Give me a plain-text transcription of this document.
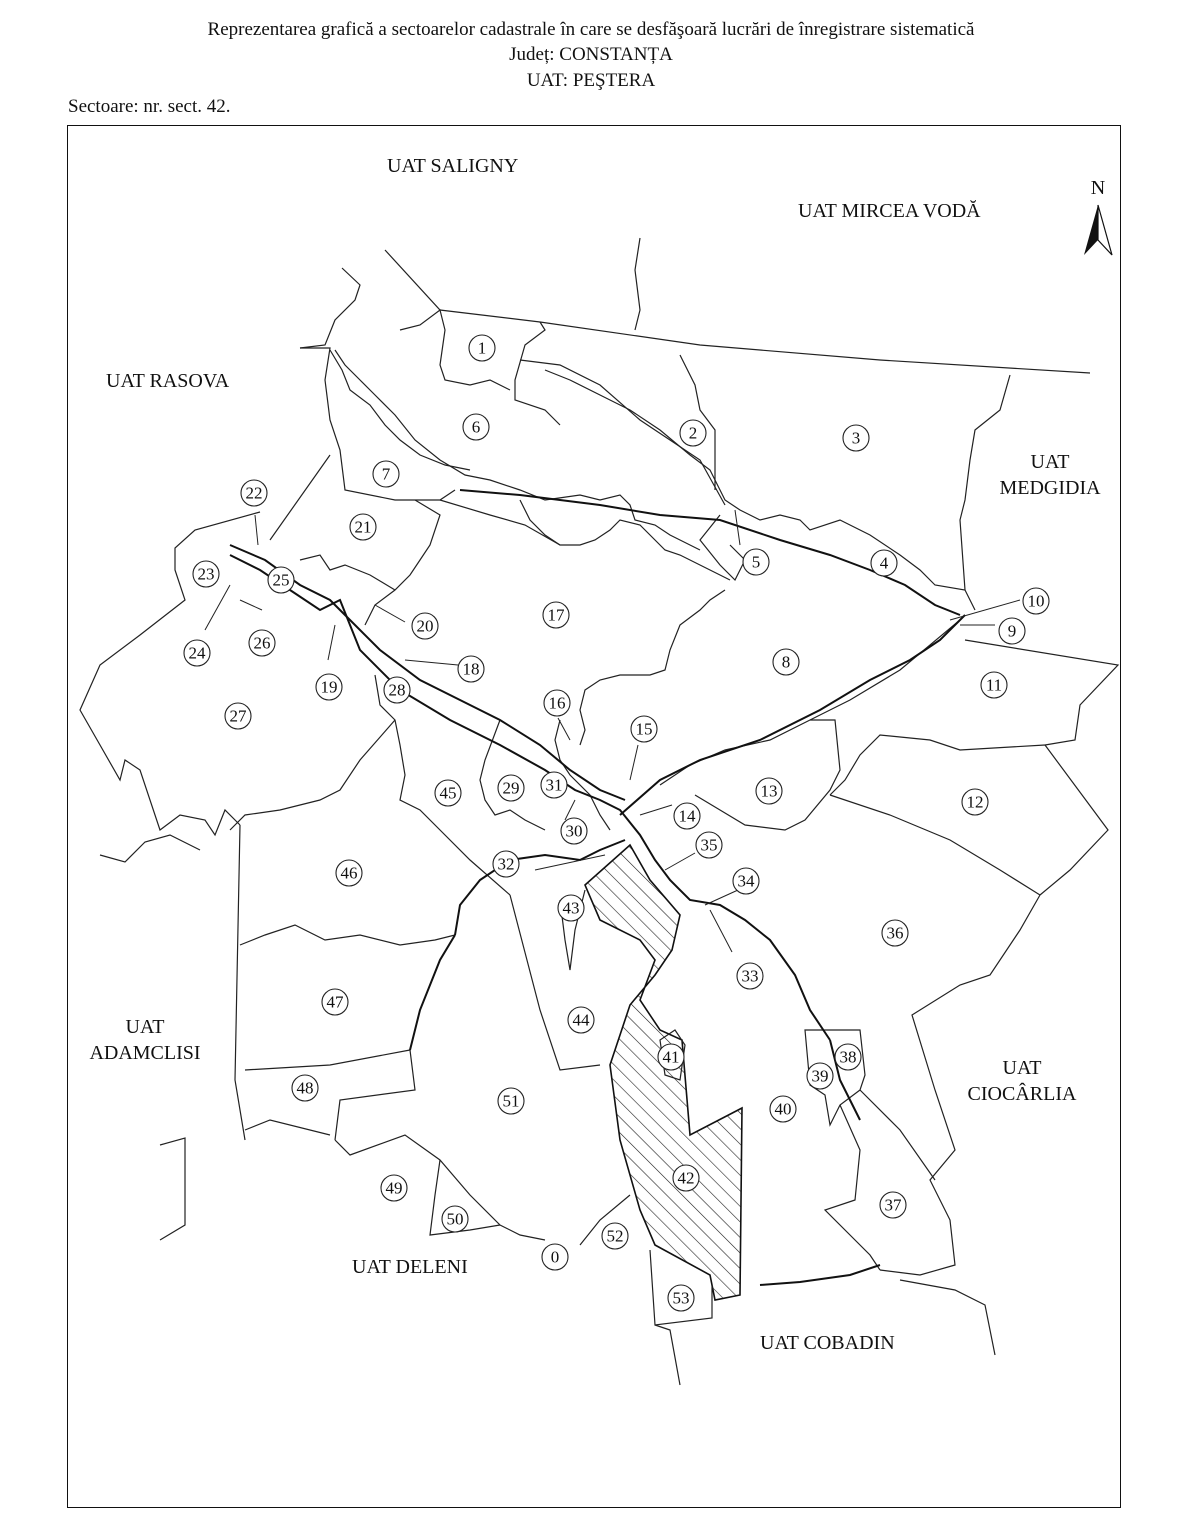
Reprezentarea grafică a sectoarelor cadastrale în care se desfăşoară lucrări de înregistrare sistematică
Județ: CONSTANȚA
UAT: PEŞTERA
Sectoare: nr. sect. 42.
N
UAT SALIGNY
UAT MIRCEA VODĂ
UAT RASOVA
UAT
MEDGIDIA
UAT
ADAMCLISI
UAT
CIOCÂRLIA
UAT DELENI
UAT COBADIN
0
1
2	3
4
5
6
7
8
9
10
11
12
13
14
15
16
17
18
19
20
21
22
23
24
25
26
27
28
29
30
31
32
33
34
35
36
37
38
39
40
41
42
43
44
45
46
47
48
49
50
51
52
53
